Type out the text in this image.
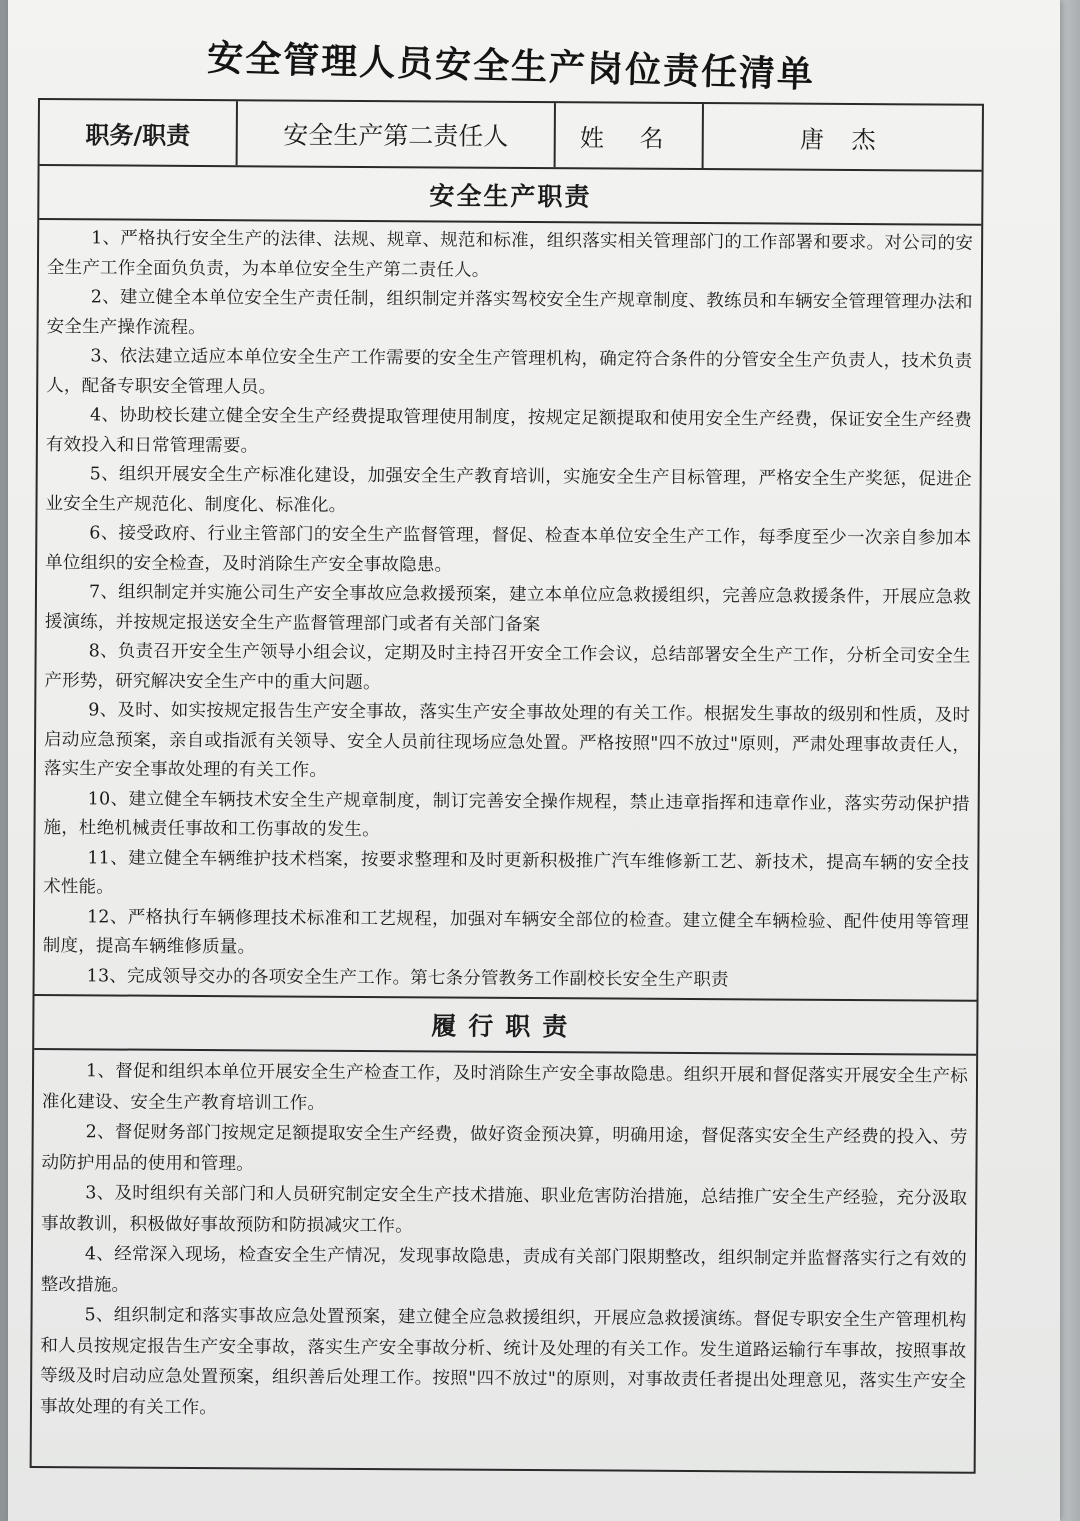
安全管理人员安全生产岗位责任清单
职务/职责	安全生产第二责任人	姓 名	唐 杰
安全生产职责

1、严格执行安全生产的法律、法规、规章、规范和标准，组织落实相关管理部门的工作部署和要求。对公司的安全生产工作全面负负责，为本单位安全生产第二责任人。

2、建立健全本单位安全生产责任制，组织制定并落实驾校安全生产规章制度、教练员和车辆安全管理管理办法和安全生产操作流程。

3、依法建立适应本单位安全生产工作需要的安全生产管理机构，确定符合条件的分管安全生产负责人，技术负责人，配备专职安全管理人员。

4、协助校长建立健全安全生产经费提取管理使用制度，按规定足额提取和使用安全生产经费，保证安全生产经费有效投入和日常管理需要。

5、组织开展安全生产标准化建设，加强安全生产教育培训，实施安全生产目标管理，严格安全生产奖惩，促进企业安全生产规范化、制度化、标准化。

6、接受政府、行业主管部门的安全生产监督管理，督促、检查本单位安全生产工作，每季度至少一次亲自参加本单位组织的安全检查，及时消除生产安全事故隐患。

7、组织制定并实施公司生产安全事故应急救援预案，建立本单位应急救援组织，完善应急救援条件，开展应急救援演练，并按规定报送安全生产监督管理部门或者有关部门备案

8、负责召开安全生产领导小组会议，定期及时主持召开安全工作会议，总结部署安全生产工作，分析全司安全生产形势，研究解决安全生产中的重大问题。

9、及时、如实按规定报告生产安全事故，落实生产安全事故处理的有关工作。根据发生事故的级别和性质，及时启动应急预案，亲自或指派有关领导、安全人员前往现场应急处置。严格按照"四不放过"原则，严肃处理事故责任人，落实生产安全事故处理的有关工作。

10、建立健全车辆技术安全生产规章制度，制订完善安全操作规程，禁止违章指挥和违章作业，落实劳动保护措施，杜绝机械责任事故和工伤事故的发生。

11、建立健全车辆维护技术档案，按要求整理和及时更新积极推广汽车维修新工艺、新技术，提高车辆的安全技术性能。

12、严格执行车辆修理技术标准和工艺规程，加强对车辆安全部位的检查。建立健全车辆检验、配件使用等管理制度，提高车辆维修质量。

13、完成领导交办的各项安全生产工作。第七条分管教务工作副校长安全生产职责

履行职责

1、督促和组织本单位开展安全生产检查工作，及时消除生产安全事故隐患。组织开展和督促落实开展安全生产标准化建设、安全生产教育培训工作。

2、督促财务部门按规定足额提取安全生产经费，做好资金预决算，明确用途，督促落实安全生产经费的投入、劳动防护用品的使用和管理。

3、及时组织有关部门和人员研究制定安全生产技术措施、职业危害防治措施，总结推广安全生产经验，充分汲取事故教训，积极做好事故预防和防损减灾工作。

4、经常深入现场，检查安全生产情况，发现事故隐患，责成有关部门限期整改，组织制定并监督落实行之有效的整改措施。

5、组织制定和落实事故应急处置预案，建立健全应急救援组织，开展应急救援演练。督促专职安全生产管理机构和人员按规定报告生产安全事故，落实生产安全事故分析、统计及处理的有关工作。发生道路运输行车事故，按照事故等级及时启动应急处置预案，组织善后处理工作。按照"四不放过"的原则，对事故责任者提出处理意见，落实生产安全事故处理的有关工作。
